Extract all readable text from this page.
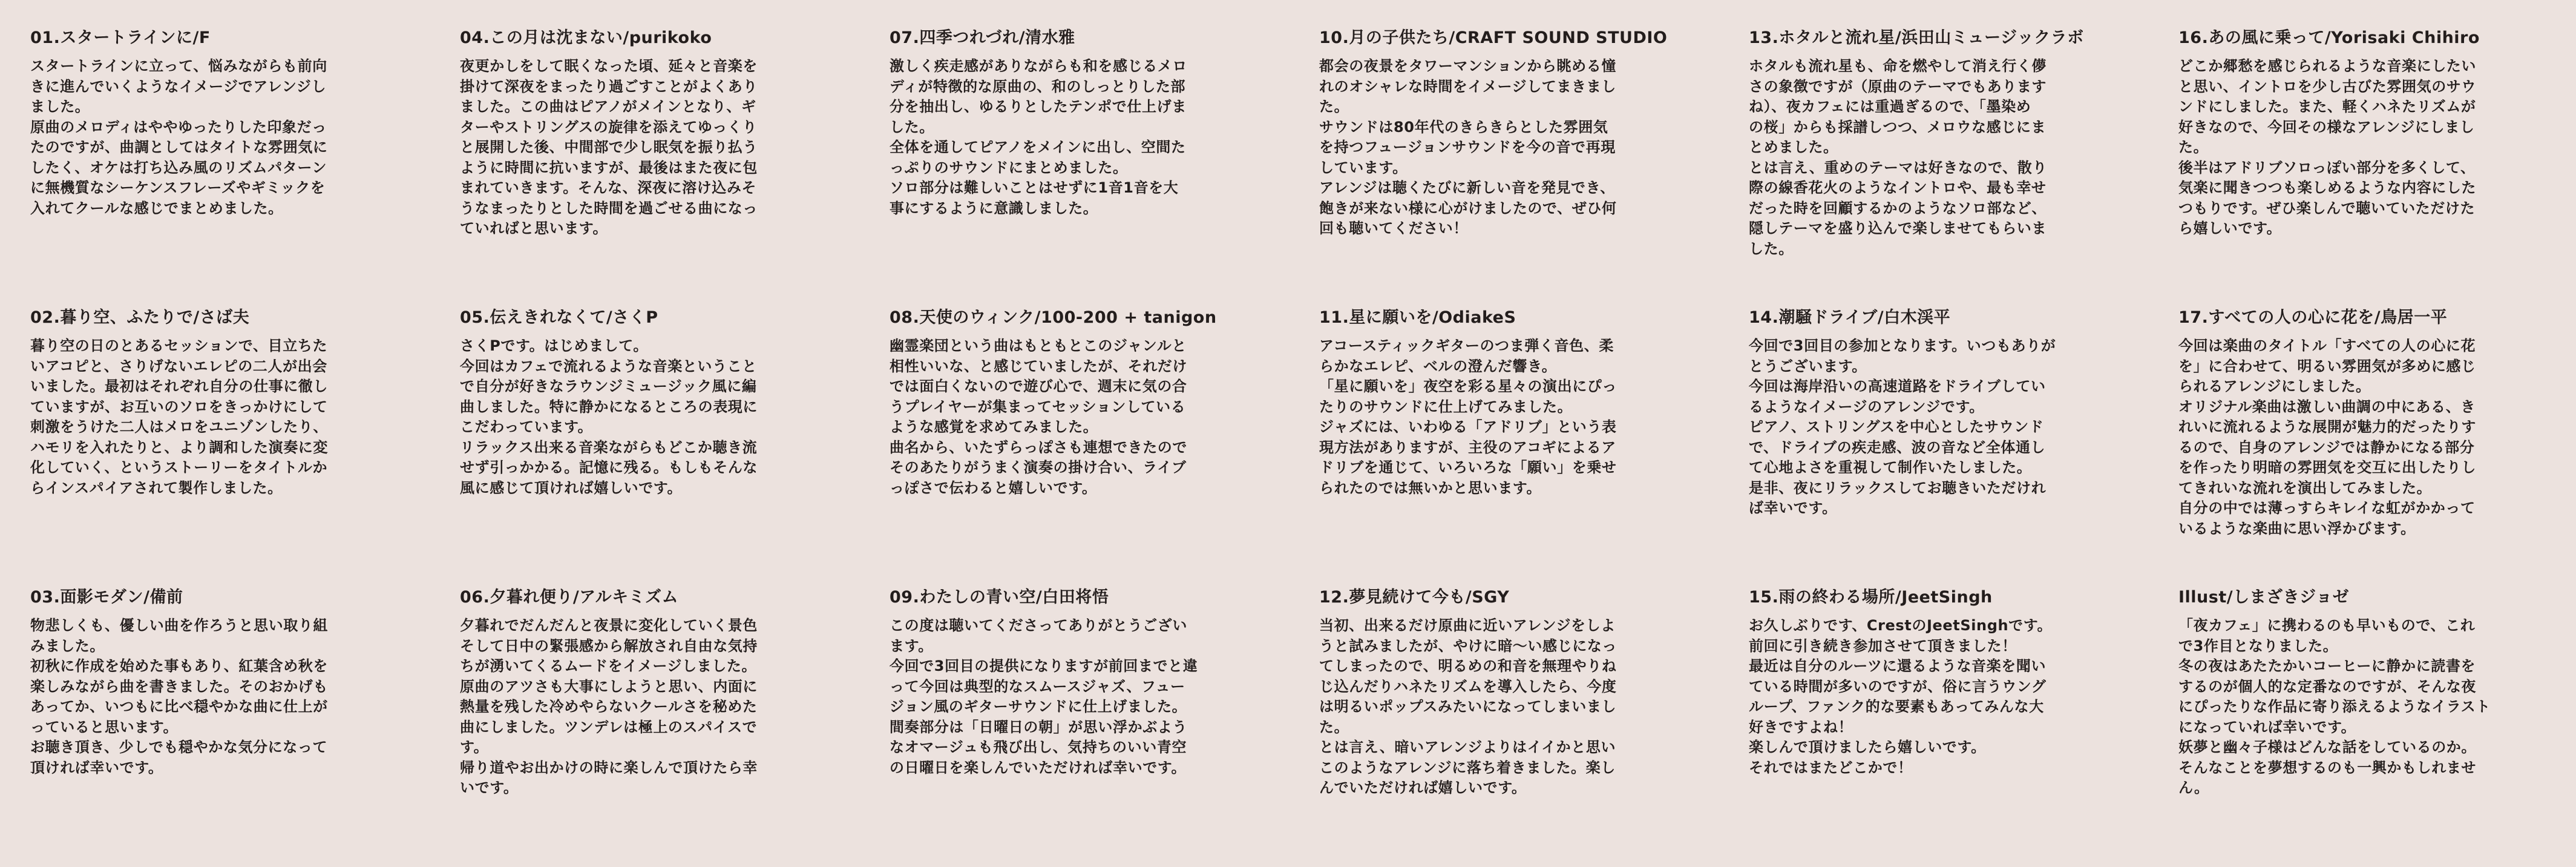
01.スタートラインに/F

スタートラインに立って、悩みながらも前向
きに進んでいくようなイメージでアレンジし
ました。
原曲のメロディはややゆったりした印象だっ
たのですが、曲調としてはタイトな雰囲気に
したく、オケは打ち込み風のリズムパターン
に無機質なシーケンスフレーズやギミックを
入れてクールな感じでまとめました。

04.この月は沈まない/purikoko

夜更かしをして眠くなった頃、延々と音楽を
掛けて深夜をまったり過ごすことがよくあり
ました。この曲はピアノがメインとなり、ギ
ターやストリングスの旋律を添えてゆっくり
と展開した後、中間部で少し眠気を振り払う
ように時間に抗いますが、最後はまた夜に包
まれていきます。そんな、深夜に溶け込みそ
うなまったりとした時間を過ごせる曲になっ
ていればと思います。

07.四季つれづれ/清水雅

激しく疾走感がありながらも和を感じるメロ
ディが特徴的な原曲の、和のしっとりした部
分を抽出し、ゆるりとしたテンポで仕上げま
した。
全体を通してピアノをメインに出し、空間た
っぷりのサウンドにまとめました。
ソロ部分は難しいことはせずに1音1音を大
事にするように意識しました。

10.月の子供たち/CRAFT SOUND STUDIO

都会の夜景をタワーマンションから眺める憧
れのオシャレな時間をイメージしてまきまし
た。
サウンドは80年代のきらきらとした雰囲気
を持つフュージョンサウンドを今の音で再現
しています。
アレンジは聴くたびに新しい音を発見でき、
飽きが来ない様に心がけましたので、ぜひ何
回も聴いてください！

13.ホタルと流れ星/浜田山ミュージックラボ

ホタルも流れ星も、命を燃やして消え行く儚
さの象徴ですが（原曲のテーマでもあります
ね）、夜カフェには重過ぎるので、「墨染め
の桜」からも採譜しつつ、メロウな感じにま
とめました。
とは言え、重めのテーマは好きなので、散り
際の線香花火のようなイントロや、最も幸せ
だった時を回顧するかのようなソロ部など、
隠しテーマを盛り込んで楽しませてもらいま
した。

16.あの風に乗って/Yorisaki Chihiro

どこか郷愁を感じられるような音楽にしたい
と思い、イントロを少し古びた雰囲気のサウ
ンドにしました。また、軽くハネたリズムが
好きなので、今回その様なアレンジにしまし
た。
後半はアドリブソロっぽい部分を多くして、
気楽に聞きつつも楽しめるような内容にした
つもりです。ぜひ楽しんで聴いていただけた
ら嬉しいです。

02.暮り空、ふたりで/さば夫

暮り空の日のとあるセッションで、目立ちた
いアコピと、さりげないエレピの二人が出会
いました。最初はそれぞれ自分の仕事に徹し
ていますが、お互いのソロをきっかけにして
刺激をうけた二人はメロをユニゾンしたり、
ハモリを入れたりと、より調和した演奏に変
化していく、というストーリーをタイトルか
らインスパイアされて製作しました。

05.伝えきれなくて/さくP

さくPです。はじめまして。
今回はカフェで流れるような音楽ということ
で自分が好きなラウンジミュージック風に編
曲しました。特に静かになるところの表現に
こだわっています。
リラックス出来る音楽ながらもどこか聴き流
せず引っかかる。記憶に残る。もしもそんな
風に感じて頂ければ嬉しいです。

08.天使のウィンク/100-200 + tanigon

幽霊楽団という曲はもともとこのジャンルと
相性いいな、と感じていましたが、それだけ
では面白くないので遊び心で、週末に気の合
うプレイヤーが集まってセッションしている
ような感覚を求めてみました。
曲名から、いたずらっぽさも連想できたので
そのあたりがうまく演奏の掛け合い、ライブ
っぽさで伝わると嬉しいです。

11.星に願いを/OdiakeS

アコースティックギターのつま弾く音色、柔
らかなエレピ、ベルの澄んだ響き。
「星に願いを」夜空を彩る星々の演出にぴっ
たりのサウンドに仕上げてみました。
ジャズには、いわゆる「アドリブ」という表
現方法がありますが、主役のアコギによるア
ドリブを通じて、いろいろな「願い」を乗せ
られたのでは無いかと思います。

14.潮騒ドライブ/白木渓平

今回で3回目の参加となります。いつもありが
とうございます。
今回は海岸沿いの高速道路をドライブしてい
るようなイメージのアレンジです。
ピアノ、ストリングスを中心としたサウンド
で、ドライブの疾走感、波の音など全体通し
て心地よさを重視して制作いたしました。
是非、夜にリラックスしてお聴きいただけれ
ば幸いです。

17.すべての人の心に花を/鳥居一平

今回は楽曲のタイトル「すべての人の心に花
を」に合わせて、明るい雰囲気が多めに感じ
られるアレンジにしました。
オリジナル楽曲は激しい曲調の中にある、き
れいに流れるような展開が魅力的だったりす
るので、自身のアレンジでは静かになる部分
を作ったり明暗の雰囲気を交互に出したりし
てきれいな流れを演出してみました。
自分の中では薄っすらキレイな虹がかかって
いるような楽曲に思い浮かびます。

03.面影モダン/備前

物悲しくも、優しい曲を作ろうと思い取り組
みました。
初秋に作成を始めた事もあり、紅葉含め秋を
楽しみながら曲を書きました。そのおかげも
あってか、いつもに比べ穏やかな曲に仕上が
っていると思います。
お聴き頂き、少しでも穏やかな気分になって
頂ければ幸いです。

06.夕暮れ便り/アルキミズム

夕暮れでだんだんと夜景に変化していく景色
そして日中の緊張感から解放され自由な気持
ちが湧いてくるムードをイメージしました。
原曲のアツさも大事にしようと思い、内面に
熱量を残した冷めやらないクールさを秘めた
曲にしました。ツンデレは極上のスパイスで
す。
帰り道やお出かけの時に楽しんで頂けたら幸
いです。

09.わたしの青い空/白田将悟

この度は聴いてくださってありがとうござい
ます。
今回で3回目の提供になりますが前回までと違
って今回は典型的なスムースジャズ、フュー
ジョン風のギターサウンドに仕上げました。
間奏部分は「日曜日の朝」が思い浮かぶよう
なオマージュも飛び出し、気持ちのいい青空
の日曜日を楽しんでいただければ幸いです。

12.夢見続けて今も/SGY

当初、出来るだけ原曲に近いアレンジをしよ
うと試みましたが、やけに暗～い感じになっ
てしまったので、明るめの和音を無理やりね
じ込んだりハネたリズムを導入したら、今度
は明るいポップスみたいになってしまいまし
た。
とは言え、暗いアレンジよりはイイかと思い
このようなアレンジに落ち着きました。楽し
んでいただければ嬉しいです。

15.雨の終わる場所/JeetSingh

お久しぶりです、CrestのJeetSinghです。
前回に引き続き参加させて頂きました！
最近は自分のルーツに還るような音楽を聞い
ている時間が多いのですが、俗に言うウング
ループ、ファンク的な要素もあってみんな大
好きですよね！
楽しんで頂けましたら嬉しいです。
それではまたどこかで！

Illust/しまざきジョゼ

「夜カフェ」に携わるのも早いもので、これ
で3作目となりました。
冬の夜はあたたかいコーヒーに静かに読書を
するのが個人的な定番なのですが、そんな夜
にぴったりな作品に寄り添えるようなイラスト
になっていれば幸いです。
妖夢と幽々子様はどんな話をしているのか。
そんなことを夢想するのも一興かもしれませ
ん。
